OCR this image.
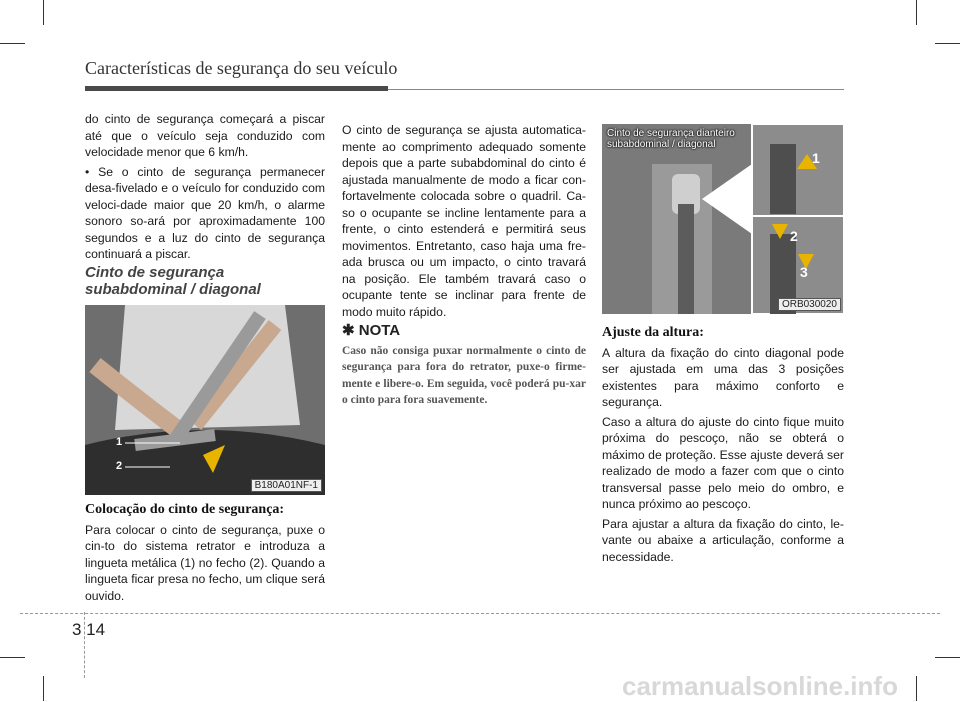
Características de segurança do seu veículo

do cinto de segurança começará a piscar até que o veículo seja conduzido com velocidade menor que 6 km/h.

• Se o cinto de segurança permanecer desa-fivelado e o veículo for conduzido com veloci-dade maior que 20 km/h, o alarme sonoro so-ará por aproximadamente 100 segundos e a luz do cinto de segurança continuará a piscar.

Cinto de segurança subabdominal / diagonal
1
2
B180A01NF-1

Colocação do cinto de segurança:

Para colocar o cinto de segurança, puxe o cin-to do sistema retrator e introduza a lingueta metálica (1) no fecho (2). Quando a lingueta ficar presa no fecho, um clique será ouvido.

O cinto de segurança se ajusta automatica-mente ao comprimento adequado somente depois que a parte subabdominal do cinto é ajustada manualmente de modo a ficar con-fortavelmente colocada sobre o quadril. Ca-so o ocupante se incline lentamente para a frente, o cinto estenderá e permitirá seus movimentos. Entretanto, caso haja uma fre-ada brusca ou um impacto, o cinto travará na posição. Ele também travará caso o ocupante tente se inclinar para frente de modo muito rápido.

✱ NOTA

Caso não consiga puxar normalmente o cinto de segurança para fora do retrator, puxe-o firme-mente e libere-o. Em seguida, você poderá pu-xar o cinto para fora suavemente.

Cinto de segurança dianteiro
subabdominal / diagonal
1
2
3
ORB030020

Ajuste da altura:

A altura da fixação do cinto diagonal pode ser ajustada em uma das 3 posições existentes para máximo conforto e segurança.

Caso a altura do ajuste do cinto fique muito próxima do pescoço, não se obterá o máximo de proteção. Esse ajuste deverá ser realizado de modo a fazer com que o cinto transversal passe pelo meio do ombro, e nunca próximo ao pescoço.

Para ajustar a altura da fixação do cinto, le-vante ou abaixe a articulação, conforme a necessidade.

3 14
carmanualsonline.info
